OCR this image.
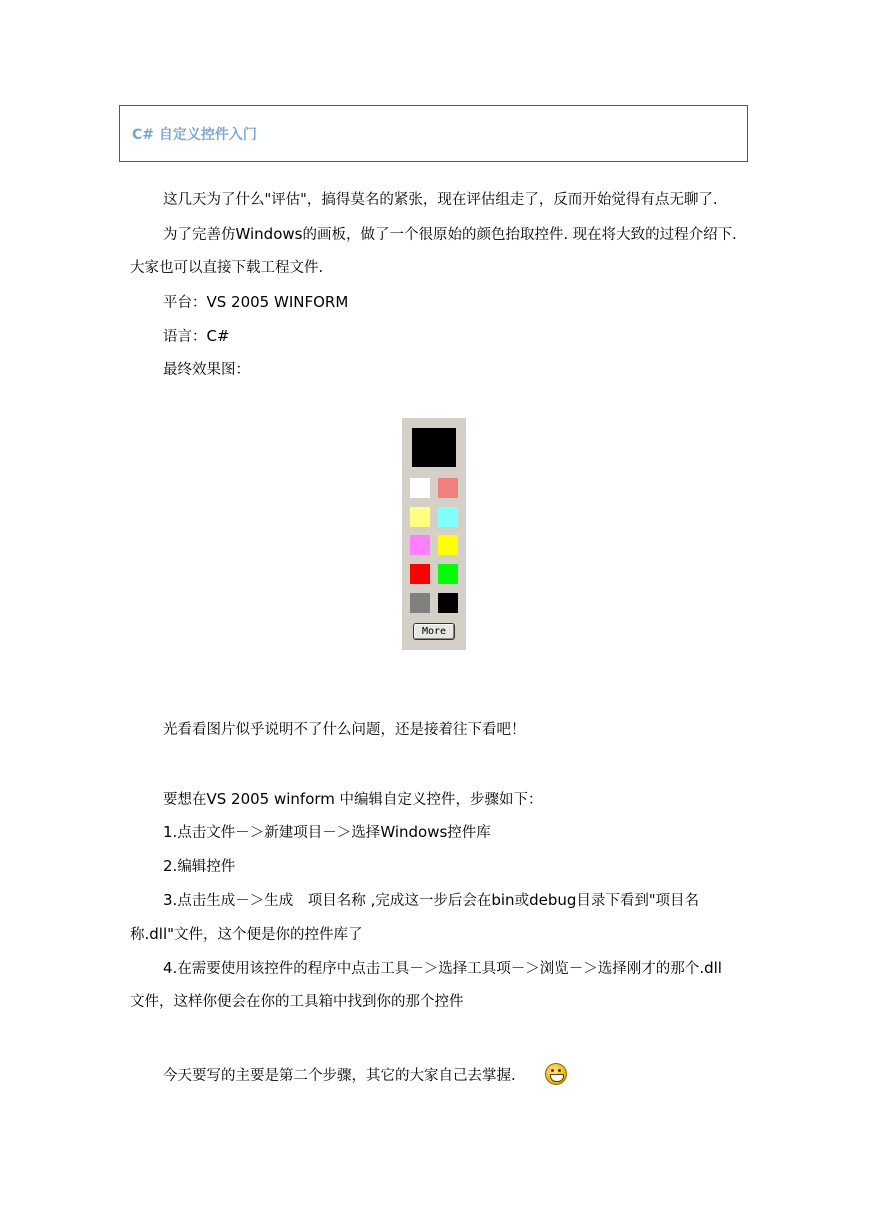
C# 自定义控件入门
这几天为了什么"评估"，搞得莫名的紧张，现在评估组走了，反而开始觉得有点无聊了.
为了完善仿Windows的画板，做了一个很原始的颜色抬取控件. 现在将大致的过程介绍下. 大家也可以直接下载工程文件.
平台：VS 2005 WINFORM
语言：C#
最终效果图：
More
光看看图片似乎说明不了什么问题，还是接着往下看吧！
要想在VS 2005 winform 中编辑自定义控件，步骤如下：
1.点击文件－＞新建项目－＞选择Windows控件库
2.编辑控件
3.点击生成－＞生成　项目名称 ,完成这一步后会在bin或debug目录下看到"项目名称.dll"文件，这个便是你的控件库了
4.在需要使用该控件的程序中点击工具－＞选择工具项－＞浏览－＞选择刚才的那个.dll 文件，这样你便会在你的工具箱中找到你的那个控件
今天要写的主要是第二个步骤，其它的大家自己去掌握.
